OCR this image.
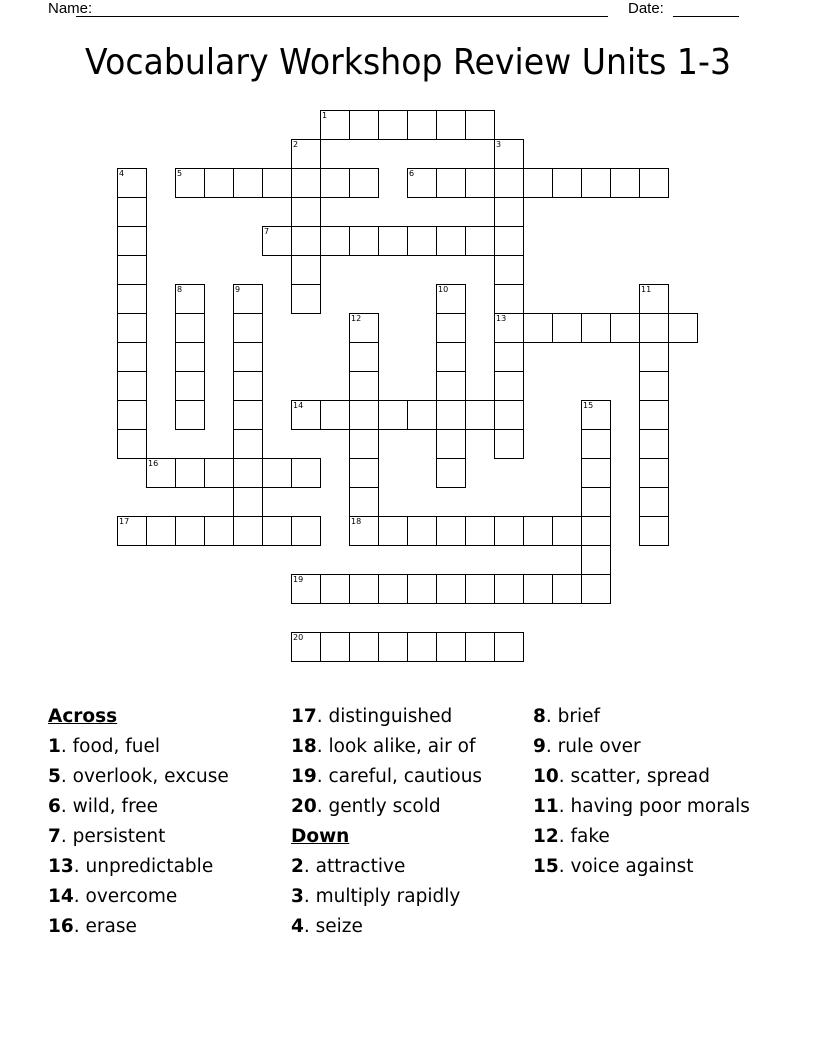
Name:	Date:
Vocabulary Workshop Review Units 1-3
1
2	3
13
4	5	6
7
8	9	10	11
12
18
14	15
16
17
19
20
Across
1. food, fuel
5. overlook, excuse
6. wild, free
7. persistent
13. unpredictable
14. overcome
16. erase
17. distinguished
18. look alike, air of
19. careful, cautious
20. gently scold
Down
2. attractive
3. multiply rapidly
4. seize
8. brief
9. rule over
10. scatter, spread
11. having poor morals
12. fake
15. voice against
